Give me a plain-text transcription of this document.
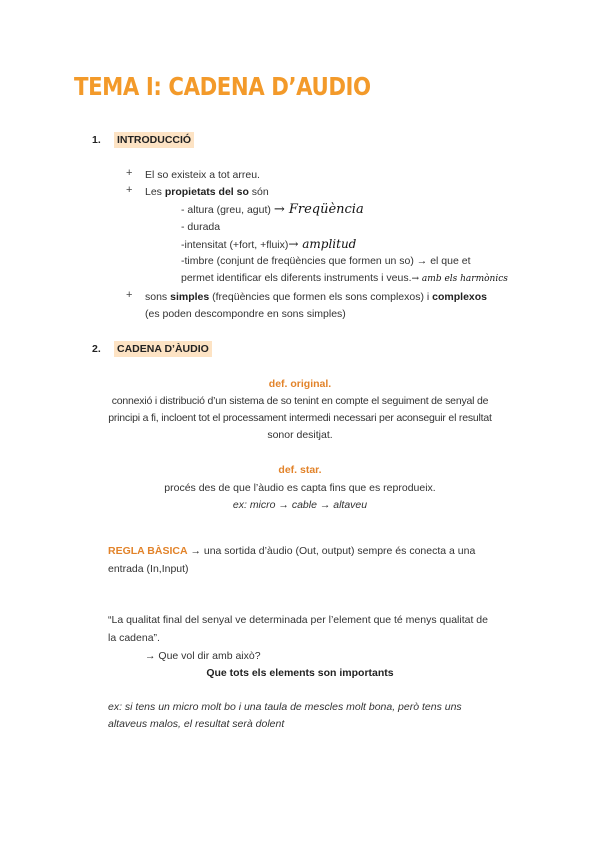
TEMA I: CADENA D’AUDIO
1. INTRODUCCIÓ
+	El so existeix a tot arreu.
+	Les propietats del so són
- altura (greu, agut) → Freqüència
- durada
-intensitat (+fort, +fluix)→ amplitud
-timbre (conjunt de freqüències que formen un so) → el que et
permet identificar els diferents instruments i veus.→ amb els harmònics
+	sons simples (freqüències que formen els sons complexos) i complexos
(es poden descompondre en sons simples)
2. CADENA D’ÀUDIO
def. original.
connexió i distribució d’un sistema de so tenint en compte el seguiment de senyal de
principi a fi, incloent tot el processament intermedi necessari per aconseguir el resultat
sonor desitjat.
def. star.
procés des de que l’àudio es capta fins que es reprodueix.
ex: micro → cable → altaveu
REGLA BÀSICA → una sortida d’àudio (Out, output) sempre és conecta a una
entrada (In,Input)
“La qualitat final del senyal ve determinada per l’element que té menys qualitat de
la cadena”.
→ Que vol dir amb això?
Que tots els elements son importants
ex: si tens un micro molt bo i una taula de mescles molt bona, però tens uns
altaveus malos, el resultat serà dolent
